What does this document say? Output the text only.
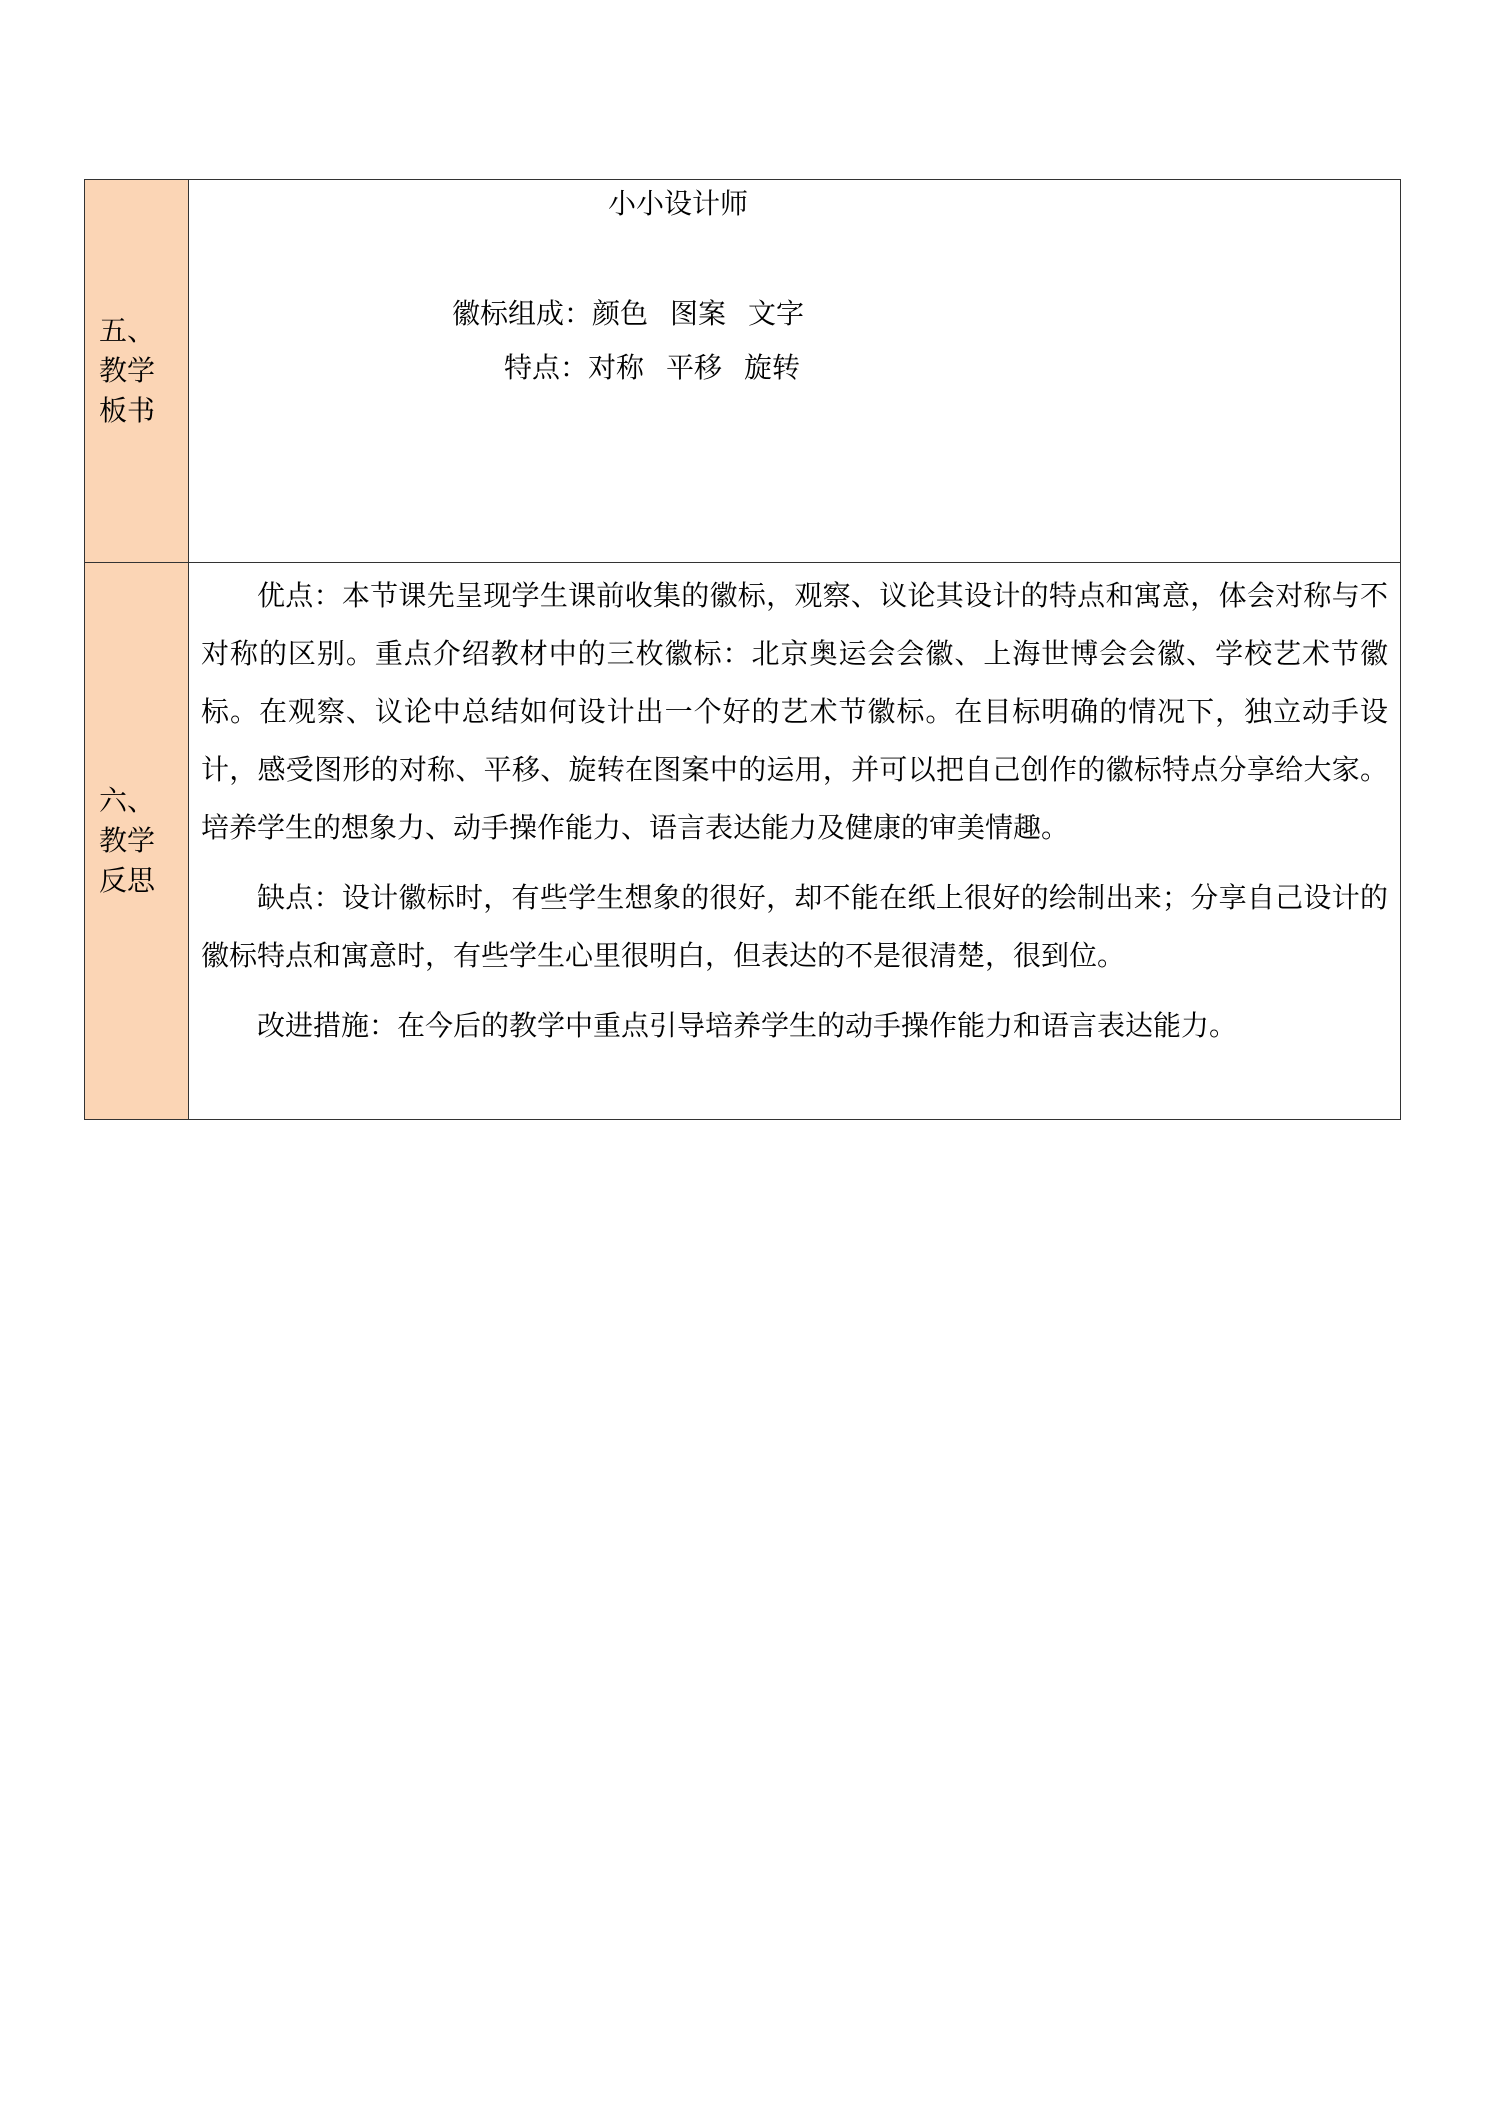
五、教学板书	小小设计师
徽标组成：颜色 图案 文字
特点：对称 平移 旋转

六、教学反思	优点：本节课先呈现学生课前收集的徽标，观察、议论其设计的特点和寓意，体会对称与不对称的区别。重点介绍教材中的三枚徽标：北京奥运会会徽、上海世博会会徽、学校艺术节徽标。在观察、议论中总结如何设计出一个好的艺术节徽标。在目标明确的情况下，独立动手设计，感受图形的对称、平移、旋转在图案中的运用，并可以把自己创作的徽标特点分享给大家。培养学生的想象力、动手操作能力、语言表达能力及健康的审美情趣。

缺点：设计徽标时，有些学生想象的很好，却不能在纸上很好的绘制出来；分享自己设计的徽标特点和寓意时，有些学生心里很明白，但表达的不是很清楚，很到位。

改进措施：在今后的教学中重点引导培养学生的动手操作能力和语言表达能力。
